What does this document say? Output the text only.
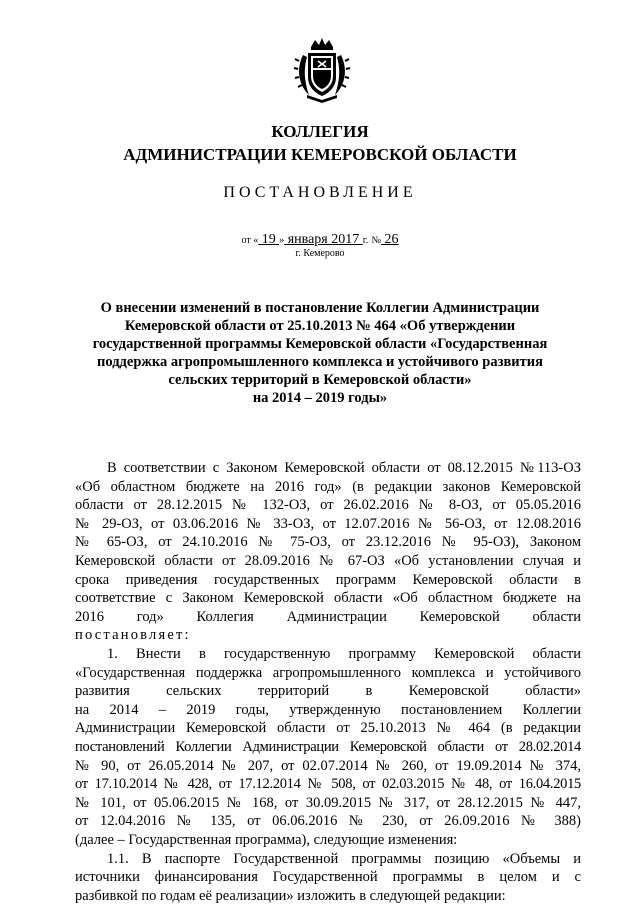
КОЛЛЕГИЯ
АДМИНИСТРАЦИИ КЕМЕРОВСКОЙ ОБЛАСТИ
ПОСТАНОВЛЕНИЕ
от « 19 » января 2017 г. № 26
г. Кемерово
О внесении изменений в постановление Коллегии Администрации
Кемеровской области от 25.10.2013 № 464 «Об утверждении
государственной программы Кемеровской области «Государственная
поддержка агропромышленного комплекса и устойчивого развития
сельских территорий в Кемеровской области»
на 2014 – 2019 годы»
В соответствии с Законом Кемеровской области от 08.12.2015 №113-ОЗ
«Об областном бюджете на 2016 год» (в редакции законов Кемеровской
области от 28.12.2015 № 132-ОЗ, от 26.02.2016 № 8-ОЗ, от 05.05.2016
№ 29-ОЗ, от 03.06.2016 № 33-ОЗ, от 12.07.2016 № 56-ОЗ, от 12.08.2016
№ 65-ОЗ, от 24.10.2016 № 75-ОЗ, от 23.12.2016 № 95-ОЗ), Законом
Кемеровской области от 28.09.2016 № 67-ОЗ «Об установлении случая и
срока приведения государственных программ Кемеровской области в
соответствие с Законом Кемеровской области «Об областном бюджете на
2016 год» Коллегия Администрации Кемеровской области
постановляет:
1. Внести в государственную программу Кемеровской области
«Государственная поддержка агропромышленного комплекса и устойчивого
развития сельских территорий в Кемеровской области»
на 2014 – 2019 годы, утвержденную постановлением Коллегии
Администрации Кемеровской области от 25.10.2013 № 464 (в редакции
постановлений Коллегии Администрации Кемеровской области от 28.02.2014
№ 90, от 26.05.2014 № 207, от 02.07.2014 № 260, от 19.09.2014 № 374,
от 17.10.2014 № 428, от 17.12.2014 № 508, от 02.03.2015 № 48, от 16.04.2015
№ 101, от 05.06.2015 № 168, от 30.09.2015 № 317, от 28.12.2015 № 447,
от 12.04.2016 № 135, от 06.06.2016 № 230, от 26.09.2016 № 388)
(далее – Государственная программа), следующие изменения:
1.1. В паспорте Государственной программы позицию «Объемы и
источники финансирования Государственной программы в целом и с
разбивкой по годам её реализации» изложить в следующей редакции:
